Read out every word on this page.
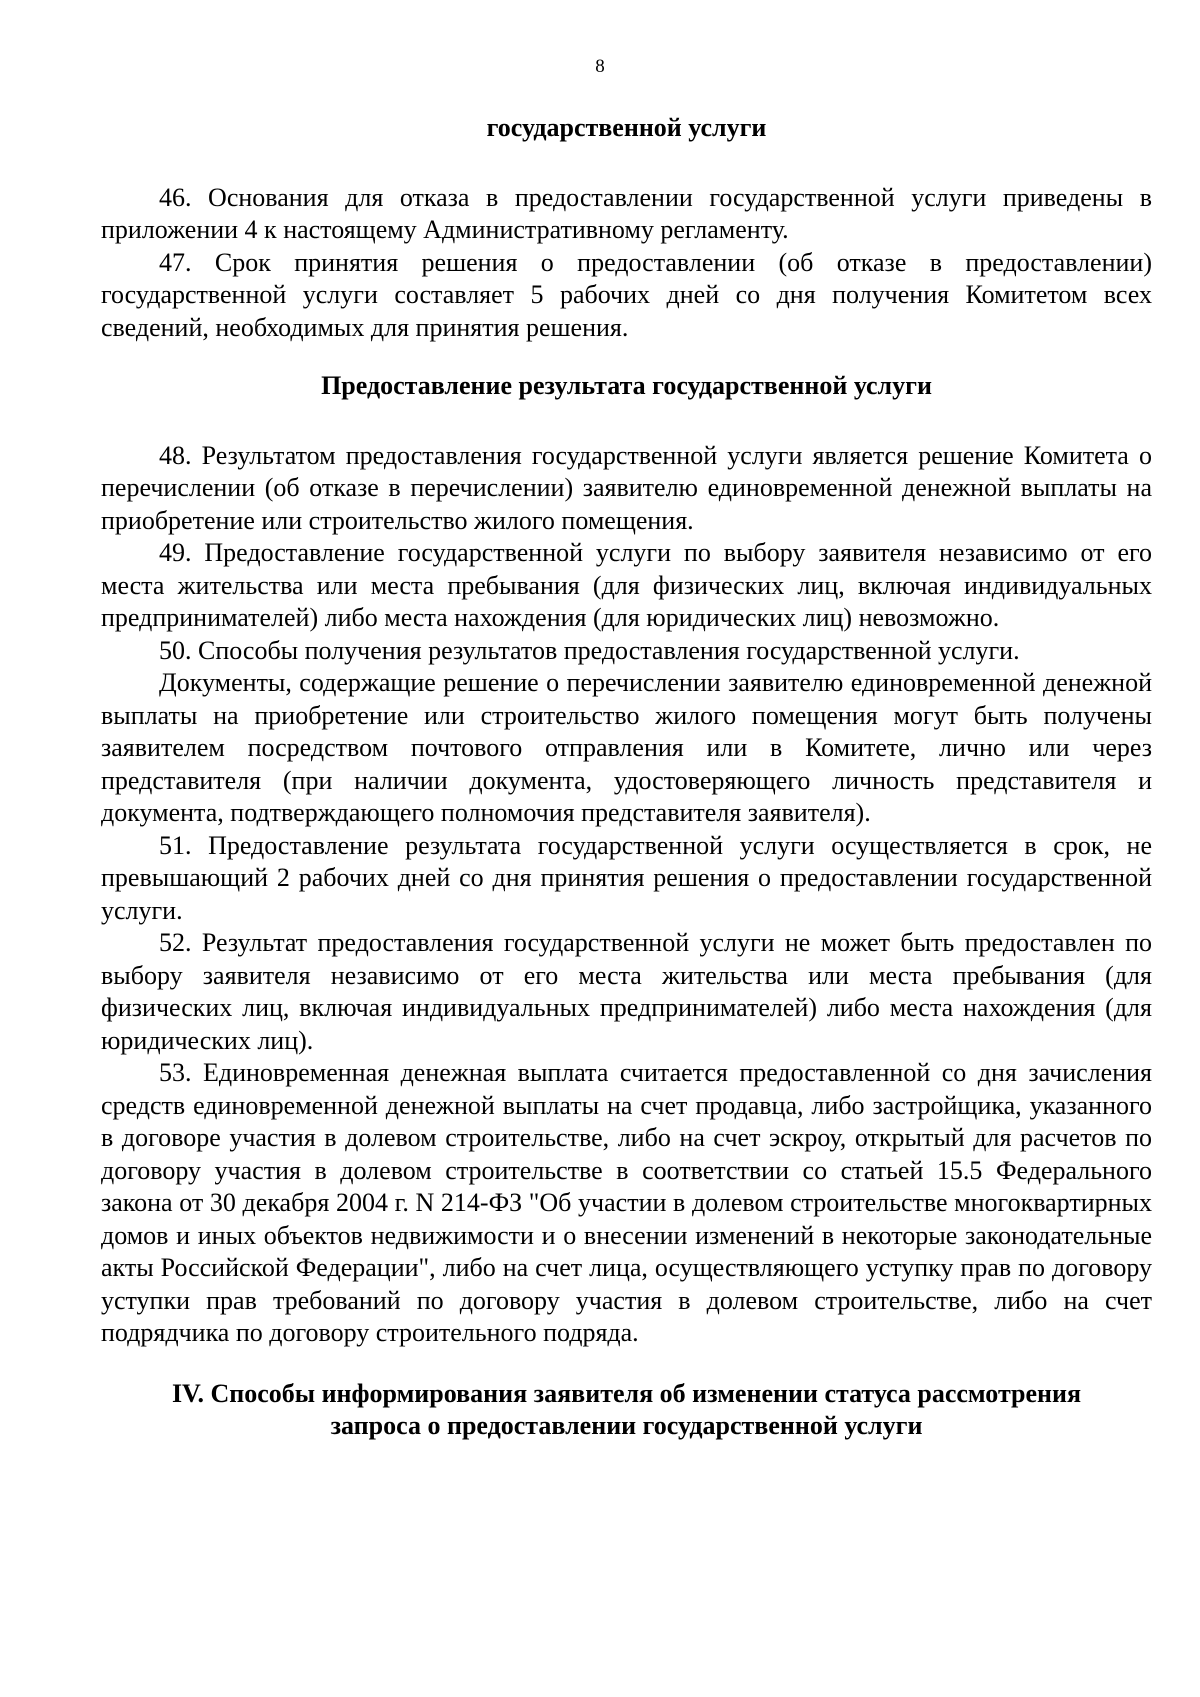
8

государственной услуги

46. Основания для отказа в предоставлении государственной услуги приведены в приложении 4 к настоящему Административному регламенту.

47. Срок принятия решения о предоставлении (об отказе в предоставлении) государственной услуги составляет 5 рабочих дней со дня получения Комитетом всех сведений, необходимых для принятия решения.

Предоставление результата государственной услуги

48. Результатом предоставления государственной услуги является решение Комитета о перечислении (об отказе в перечислении) заявителю единовременной денежной выплаты на приобретение или строительство жилого помещения.

49. Предоставление государственной услуги по выбору заявителя независимо от его места жительства или места пребывания (для физических лиц, включая индивидуальных предпринимателей) либо места нахождения (для юридических лиц) невозможно.

50. Способы получения результатов предоставления государственной услуги.

Документы, содержащие решение о перечислении заявителю единовременной денежной выплаты на приобретение или строительство жилого помещения могут быть получены заявителем посредством почтового отправления или в Комитете, лично или через представителя (при наличии документа, удостоверяющего личность представителя и документа, подтверждающего полномочия представителя заявителя).

51. Предоставление результата государственной услуги осуществляется в срок, не превышающий 2 рабочих дней со дня принятия решения о предоставлении государственной услуги.

52. Результат предоставления государственной услуги не может быть предоставлен по выбору заявителя независимо от его места жительства или места пребывания (для физических лиц, включая индивидуальных предпринимателей) либо места нахождения (для юридических лиц).

53. Единовременная денежная выплата считается предоставленной со дня зачисления средств единовременной денежной выплаты на счет продавца, либо застройщика, указанного в договоре участия в долевом строительстве, либо на счет эскроу, открытый для расчетов по договору участия в долевом строительстве в соответствии со статьей 15.5 Федерального закона от 30 декабря 2004 г. N 214-ФЗ "Об участии в долевом строительстве многоквартирных домов и иных объектов недвижимости и о внесении изменений в некоторые законодательные акты Российской Федерации", либо на счет лица, осуществляющего уступку прав по договору уступки прав требований по договору участия в долевом строительстве, либо на счет подрядчика по договору строительного подряда.

IV. Способы информирования заявителя об изменении статуса рассмотрения
запроса о предоставлении государственной услуги
